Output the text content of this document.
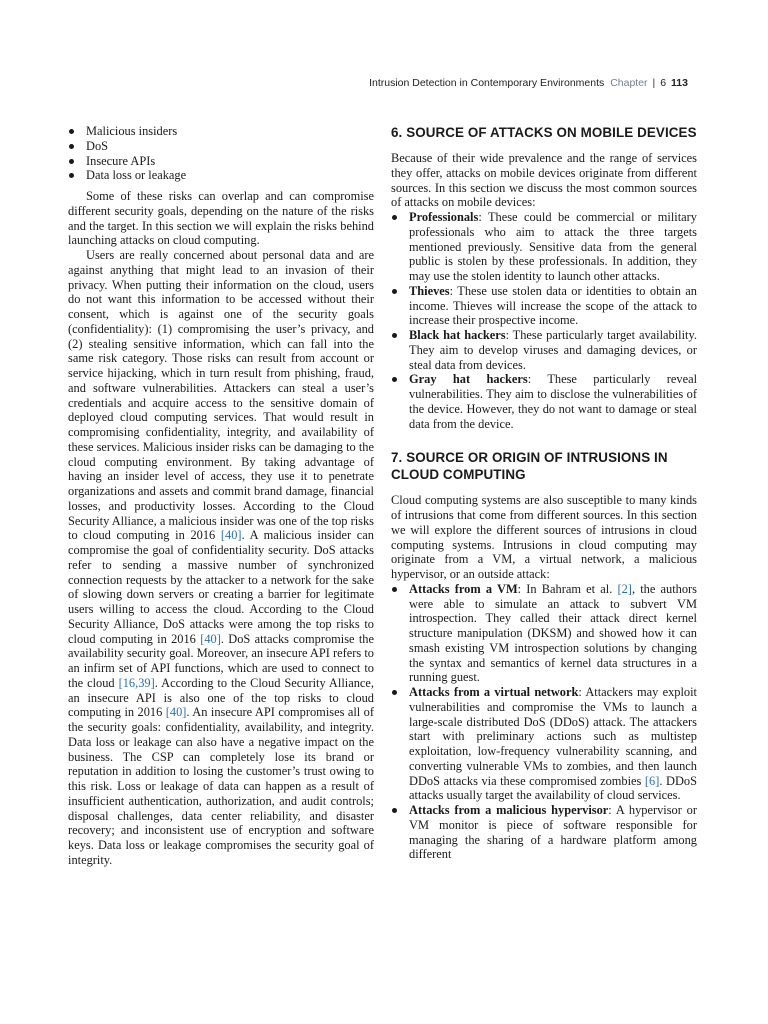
Intrusion Detection in Contemporary Environments Chapter | 6 113
Malicious insiders
DoS
Insecure APIs
Data loss or leakage

Some of these risks can overlap and can compromise different security goals, depending on the nature of the risks and the target. In this section we will explain the risks behind launching attacks on cloud computing.

Users are really concerned about personal data and are against anything that might lead to an invasion of their privacy. When putting their information on the cloud, users do not want this information to be accessed without their consent, which is against one of the security goals (confidentiality): (1) compromising the user’s privacy, and (2) stealing sensitive information, which can fall into the same risk category. Those risks can result from account or service hijacking, which in turn result from phishing, fraud, and software vulnerabilities. Attackers can steal a user’s credentials and acquire access to the sensitive domain of deployed cloud computing services. That would result in compromising confidentiality, integrity, and availability of these services. Malicious insider risks can be damaging to the cloud computing environment. By taking advantage of having an insider level of access, they use it to penetrate organizations and assets and commit brand damage, financial losses, and productivity losses. According to the Cloud Security Alliance, a malicious insider was one of the top risks to cloud computing in 2016 [40]. A malicious insider can compromise the goal of confidentiality security. DoS attacks refer to sending a massive number of synchronized connection requests by the attacker to a network for the sake of slowing down servers or creating a barrier for legitimate users willing to access the cloud. According to the Cloud Security Alliance, DoS attacks were among the top risks to cloud computing in 2016 [40]. DoS attacks compromise the availability security goal. Moreover, an insecure API refers to an infirm set of API functions, which are used to connect to the cloud [16,39]. According to the Cloud Security Alliance, an insecure API is also one of the top risks to cloud computing in 2016 [40]. An insecure API compromises all of the security goals: confidentiality, availability, and integrity. Data loss or leakage can also have a negative impact on the business. The CSP can completely lose its brand or reputation in addition to losing the customer’s trust owing to this risk. Loss or leakage of data can happen as a result of insufficient authentication, authorization, and audit controls; disposal challenges, data center reliability, and disaster recovery; and inconsistent use of encryption and software keys. Data loss or leakage compromises the security goal of integrity.

6. SOURCE OF ATTACKS ON MOBILE DEVICES

Because of their wide prevalence and the range of services they offer, attacks on mobile devices originate from different sources. In this section we discuss the most common sources of attacks on mobile devices:

Professionals: These could be commercial or military professionals who aim to attack the three targets mentioned previously. Sensitive data from the general public is stolen by these professionals. In addition, they may use the stolen identity to launch other attacks.
Thieves: These use stolen data or identities to obtain an income. Thieves will increase the scope of the attack to increase their prospective income.
Black hat hackers: These particularly target availability. They aim to develop viruses and damaging devices, or steal data from devices.
Gray hat hackers: These particularly reveal vulnerabilities. They aim to disclose the vulnerabilities of the device. However, they do not want to damage or steal data from the device.
7. SOURCE OR ORIGIN OF INTRUSIONS IN CLOUD COMPUTING

Cloud computing systems are also susceptible to many kinds of intrusions that come from different sources. In this section we will explore the different sources of intrusions in cloud computing systems. Intrusions in cloud computing may originate from a VM, a virtual network, a malicious hypervisor, or an outside attack:

Attacks from a VM: In Bahram et al. [2], the authors were able to simulate an attack to subvert VM introspection. They called their attack direct kernel structure manipulation (DKSM) and showed how it can smash existing VM introspection solutions by changing the syntax and semantics of kernel data structures in a running guest.
Attacks from a virtual network: Attackers may exploit vulnerabilities and compromise the VMs to launch a large-scale distributed DoS (DDoS) attack. The attackers start with preliminary actions such as multistep exploitation, low-frequency vulnerability scanning, and converting vulnerable VMs to zombies, and then launch DDoS attacks via these compromised zombies [6]. DDoS attacks usually target the availability of cloud services.
Attacks from a malicious hypervisor: A hypervisor or VM monitor is piece of software responsible for managing the sharing of a hardware platform among different
